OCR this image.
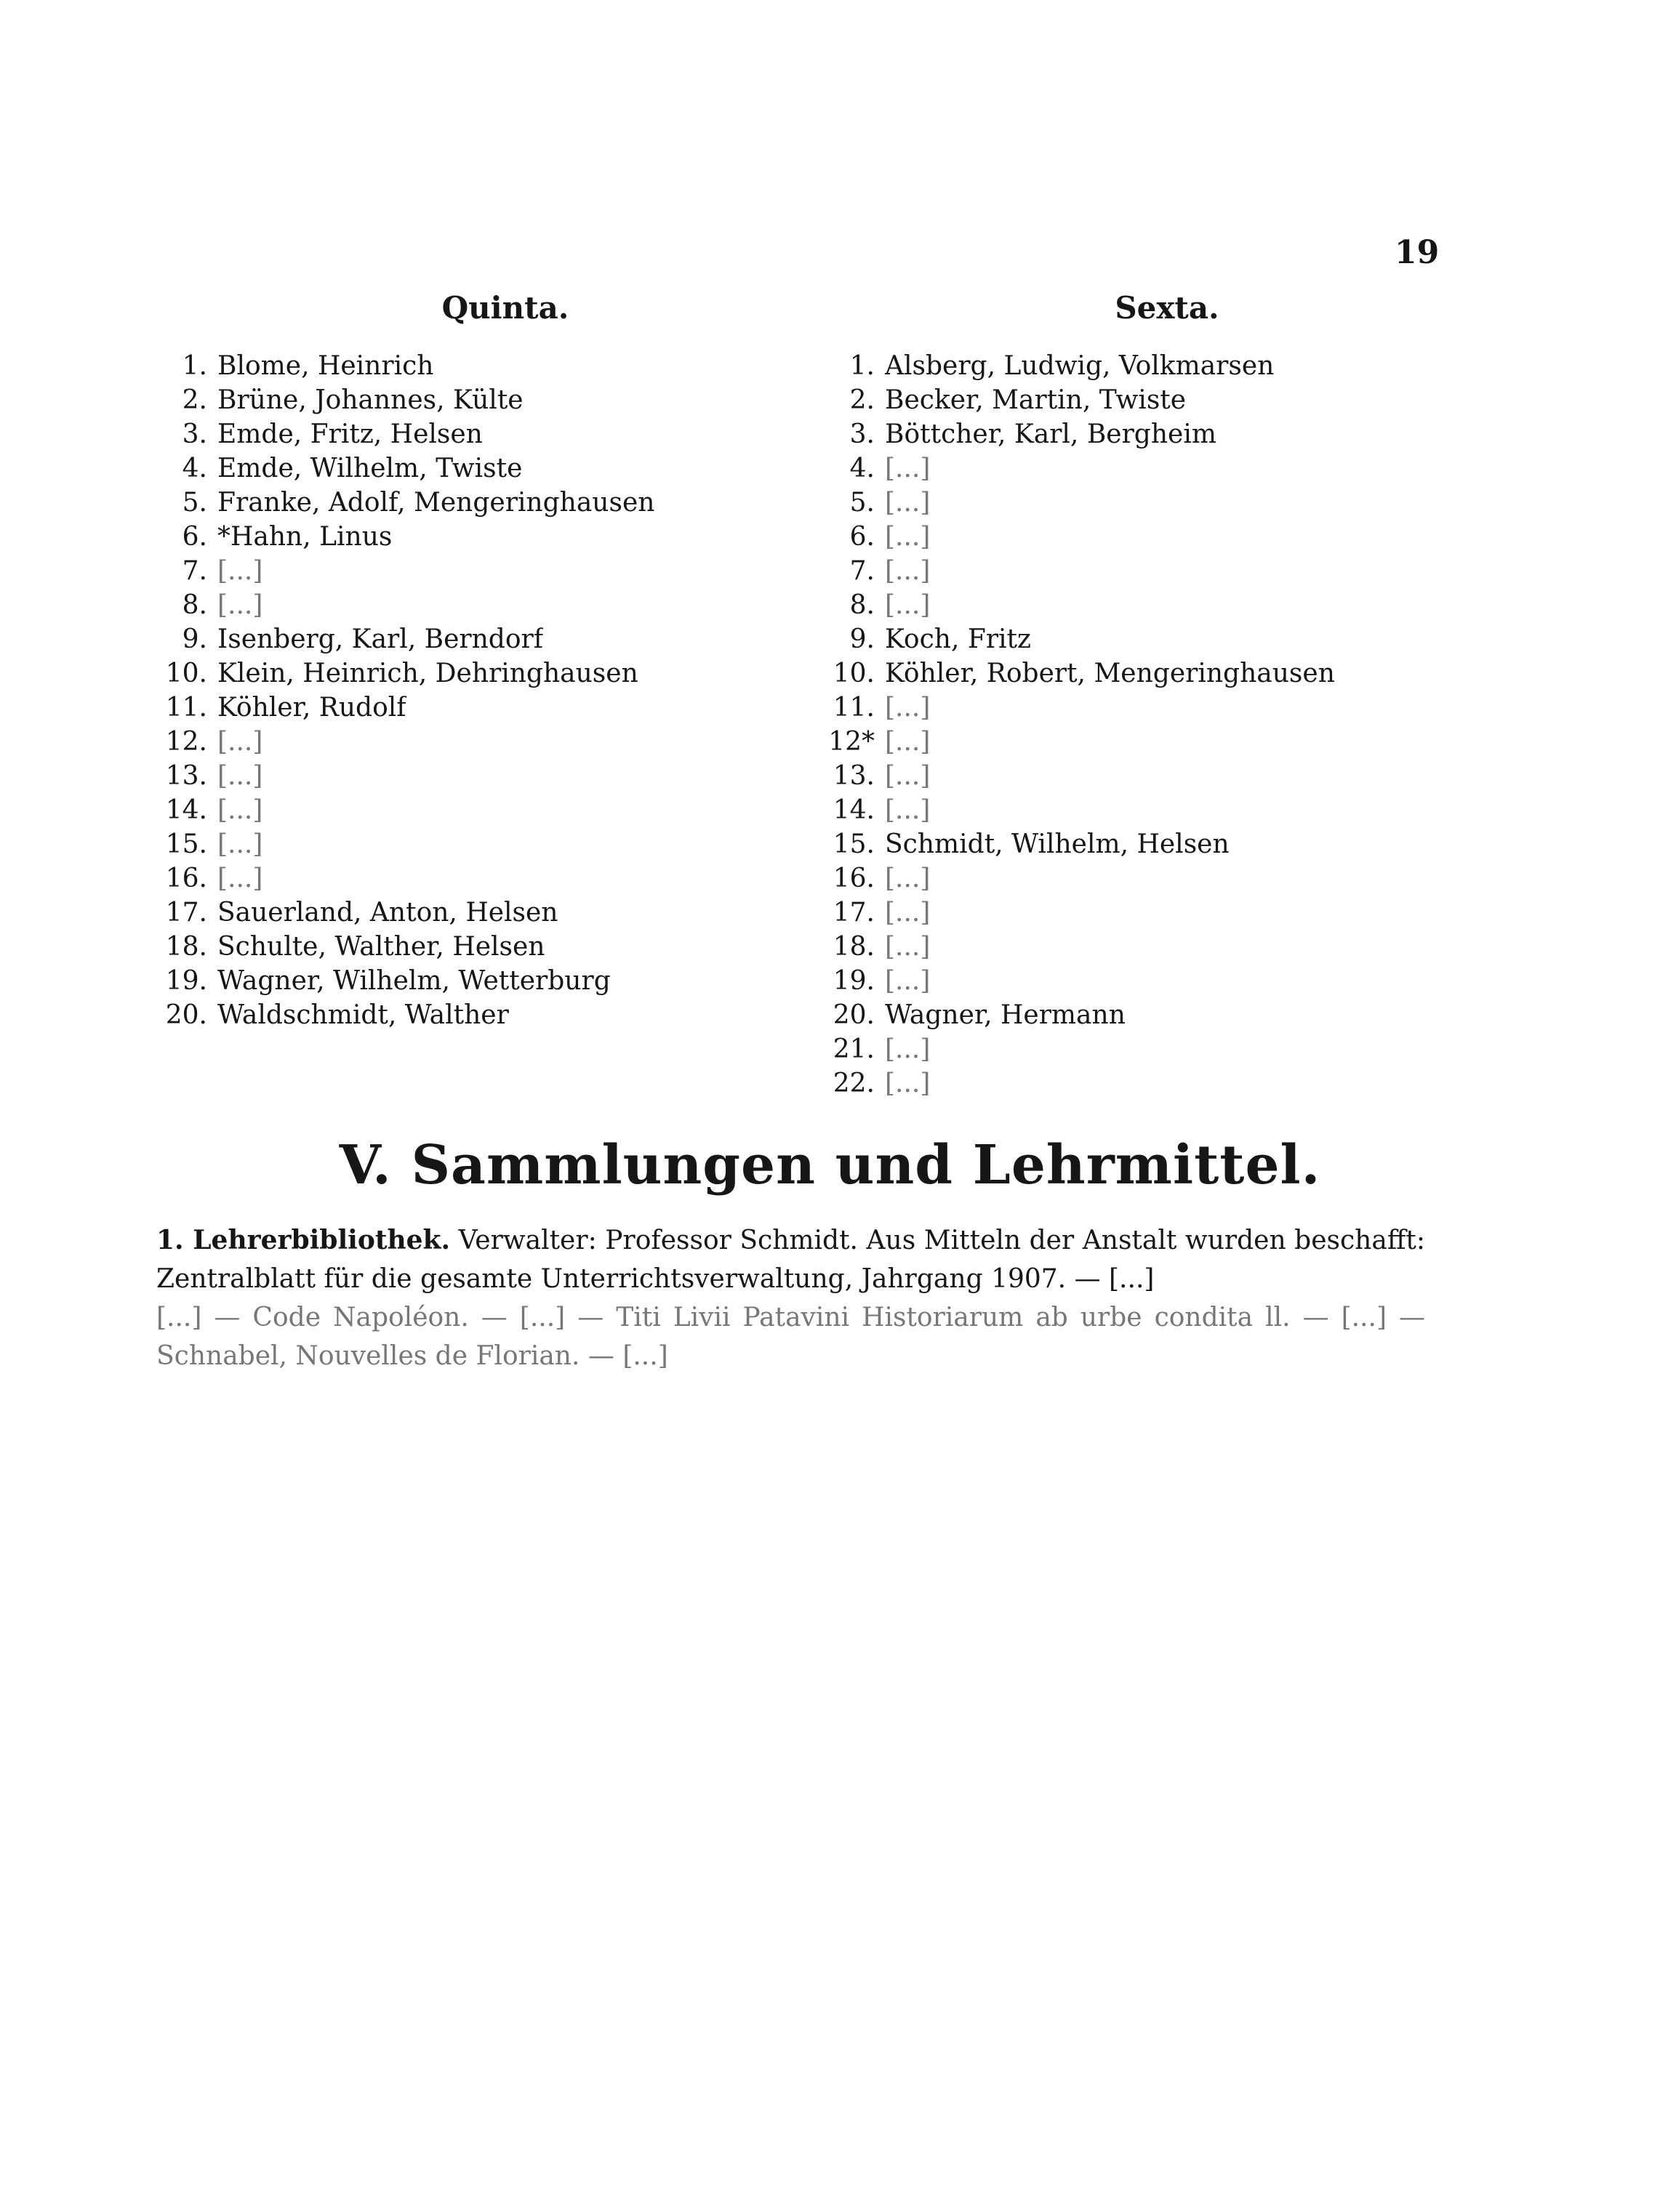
19
Quinta.
1. Blome, Heinrich
2. Brüne, Johannes, Külte
3. Emde, Fritz, Helsen
4. Emde, Wilhelm, Twiste
5. Franke, Adolf, Mengeringhausen
6. *Hahn, Linus
7. [...]
8. [...]
9. Isenberg, Karl, Berndorf
10. Klein, Heinrich, Dehringhausen
11. Köhler, Rudolf
12. [...]
13. [...]
14. [...]
15. [...]
16. [...]
17. Sauerland, Anton, Helsen
18. Schulte, Walther, Helsen
19. Wagner, Wilhelm, Wetterburg
20. Waldschmidt, Walther
Sexta.
1. Alsberg, Ludwig, Volkmarsen
2. Becker, Martin, Twiste
3. Böttcher, Karl, Bergheim
4. [...]
5. [...]
6. [...]
7. [...]
8. [...]
9. Koch, Fritz
10. Köhler, Robert, Mengeringhausen
11. [...]
12* [...]
13. [...]
14. [...]
15. Schmidt, Wilhelm, Helsen
16. [...]
17. [...]
18. [...]
19. [...]
20. Wagner, Hermann
21. [...]
22. [...]
V. Sammlungen und Lehrmittel.
1. Lehrerbibliothek. Verwalter: Professor Schmidt. Aus Mitteln der Anstalt wurden beschafft: Zentralblatt für die gesamte Unterrichtsverwaltung, Jahrgang 1907. — [...]
[...] — Code Napoléon. — [...] — Titi Livii Patavini Historiarum ab urbe condita ll. — [...] — Schnabel, Nouvelles de Florian. — [...]
